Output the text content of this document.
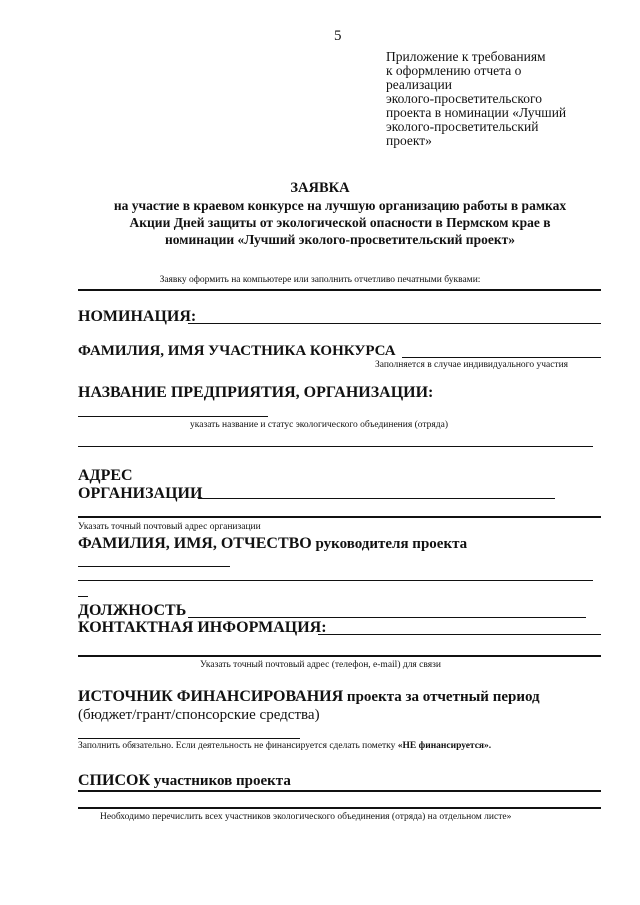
5
Приложение к требованиям
к оформлению отчета о
реализации
эколого-просветительского
проекта в номинации «Лучший
эколого-просветительский
проект»
ЗАЯВКА
на участие в краевом конкурсе на лучшую организацию работы в рамках
Акции Дней защиты от экологической опасности в Пермском крае в
номинации «Лучший эколого-просветительский проект»
Заявку оформить на компьютере или заполнить отчетливо печатными буквами:
НОМИНАЦИЯ:
ФАМИЛИЯ, ИМЯ УЧАСТНИКА КОНКУРСА
Заполняется в случае индивидуального участия
НАЗВАНИЕ ПРЕДПРИЯТИЯ, ОРГАНИЗАЦИИ:
указать название и статус экологического объединения (отряда)
АДРЕС
ОРГАНИЗАЦИИ
Указать точный почтовый адрес организации
ФАМИЛИЯ, ИМЯ, ОТЧЕСТВО руководителя проекта
ДОЛЖНОСТЬ
КОНТАКТНАЯ ИНФОРМАЦИЯ:
Указать точный почтовый адрес (телефон, e-mail) для связи
ИСТОЧНИК ФИНАНСИРОВАНИЯ проекта за отчетный период
(бюджет/грант/спонсорские средства)
Заполнить обязательно. Если деятельность не финансируется сделать пометку «НЕ финансируется».
СПИСОК участников проекта
Необходимо перечислить всех участников экологического объединения (отряда) на отдельном листе»
